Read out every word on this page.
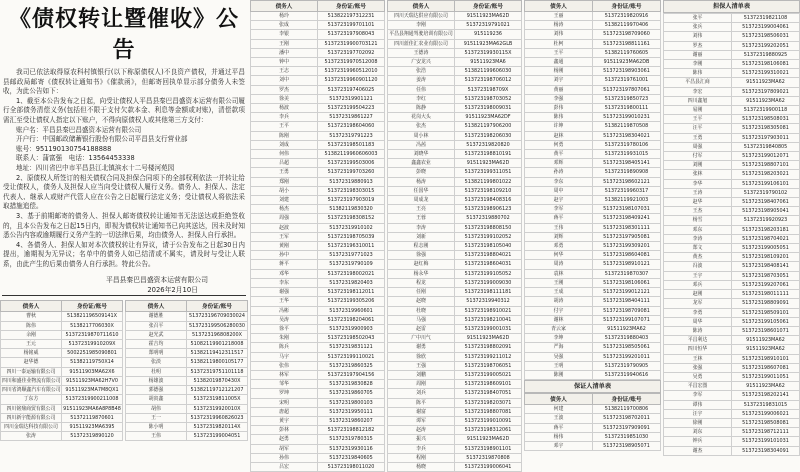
《债权转让暨催收》公告

我司已依法取得原农科村镇银行(以下称原债权人)不良资产债权，并通过平昌县邮政局邮寄《债权转让通知书》《催款函》，但邮寄回执单显示部分债务人未签收，为此公告如下：

1、截至本公告发布之日起，向受让债权人平昌县秦巴昌盛资本运营有限公司履行全部债务清偿义务(包括但不限于支付欠款本金、利息等金额或对账)，清偿款项需汇至受让债权人指定以下账户，不得向原债权人或其他第三方支付：

账户名：平昌县秦巴昌盛资本运营有限公司

开户行：中国邮政储蓄银行股份有限公司平昌县支行营业部

账号：951190130754188888

联系人：蒲富强　电话：13564453338

地址：四川省巴中市平昌县江北镇滨水十二号楼河苑园

2、原债权人所签订的相关债权合同及担保合同项下的全部权利依法一并转让给受让债权人，债务人及担保人应当向受让债权人履行义务。债务人、担保人、法定代表人、继承人或财产代管人应在公告之日起履行法定义务；受让债权人将依法采取措施追偿。

3、基于前期邮寄的债务人、担保人邮寄债权转让通知书无法送达或拒绝签收的，且本公告发布之日起15日内，即视为债权转让通知书已向其送达，因未及时知悉公告内容或逾期履行义务产生的一切法律后果，均由债务人、担保人自行承担。

4、各债务人、担保人如对本次债权转让有异议，请于公告发布之日起30日内提出，逾期视为无异议；名单中的债务人如已结清或不属实，请及时与受让人联系，由此产生的后果由债务人自行承担。特此公告。

平昌县秦巴昌盛资本运营有限公司
2026年2月10日
债务人	身份证/账号
曹秋	513821196509141X
陈伟	5138217706030X
余刚	51372319870711610
王元	51372319910209X
杨铭威	5002251985090801
赵华德	51382119750X14
四川一泰运输有限公司	91511903MA62X6
四川和盛佳业物流有限公司	91511923MA62H7V0
四川省鸿顺鑫汽车有限公司	91511923MA7M8QX1
丁东方	51372319900211008
四川铭鼎商贸有限公司	91511923MA6A8P8B48
四川新宇能源有限公司	51372119870601
四川金瑞达科技有限公司	91511923MA6395
张涛	51372319890120
债务人	身份证/账号
谢德胜	513723196709030024
张召平	513723199506280030
赵光武	513723196808200X
霍吉均	51082119901218008
郑明明	51382119412311517
张淡	51382119800105177
杜明	51372319751101118
杨雄波	51382019870430X
郭德强	51382119712121207
胡寅鑫	51372319811005X
胡伟	51372319920010X
王一	51372319960826023
陈小明	51372319820114X
王伟	513723199004051
债务人	身份证/账号
杨玲	513822197312231
张成	513723199701101
李银	513723197908043
王刚	51372319900703121
潘中	513723197702092
钟中	51372319970512008
王志	51372319960512010
刘中	51372319960901120
罗杰	513723197406025
徐美	51372319901121
杨波	513723199504223
李兵	51372319861227
王平	513723198604060
陈刚	51372319791223
刘成	513723198501183
何伟	51382119960606003
吕超	513723199503006
王勇	513723199703260
郑刚	51372319880913
胡小	513723198303015
刘建	513723197903019
杨杰	51382119830320
周强	513723198308152
赵波	51372319910102
王军	513723198705039
黄刚	513723196310011
孙中	51372319771023
蒋平	51372319790109
邓华	513723198002021
李东	51372319820403
谢强	513723198112011
王华	513723199305206
冯彬	51372319960601
吴涛	513723198204061
徐平	51372319900903
朱刚	513723198502043
陈兵	51372319831121
马宇	513723199110021
张伟	51372319860325
林军	513723197904156
邹华	51372319830828
罗坤	51372319860705
宋明	51372319800103
唐超	51372319950111
黄宇	51372319860207
彭林	513723198812182
赵勇	51372319780315
胡军	51372319930116
孙伟	51372319840605
吕宏	513723198011020
债务人	身份证/账号
四川天瑞达供应有限公司	91511923MA62D
李刚	51372319791021
平昌县翔通驾驶培训有限公司	915119236
四川蓝佳汇农业有限公司	91511923MA62GLB
王德涛	51372319930115X
广安龙兴	91511923MA6
张浩	513821199606030
姜涛	513723198706012
任伟	513723198709X
李红	513723198703052
陈静	513723198009031
花岗大头	91511923MA62DF
张杰	513821197906200
周小林	513723198206030
冯茜	51372319820820
刘晓华	513723198810191
鑫鑫农业	91511923MA62D
彭晓	513723199311051
杨涛	513821199801022
任国华	513723198109210
周成龙	513723198408316
王亮	513723198906123
王蓉	51372319880702
李涛	513723198808150
刘新	513723199102052
程志刚	513723198105040
徐强	513723198804021
赵红梅	513723198604031
杨永华	513723199105052
程龙	513723199009030
任刚	513723198111181
赵晓	51372319940312
杜晓	513723198910021
马强	513723198210041
赵雷	513723199001031
广中川气	91511923MA62D
谢勇	513723198802091
徐欣	513723199211012
王强	513723198706051
刘鹏	513723199005021
周刚	513723198609101
刘兵	513723198407051
陈平	513723198203071
谢富	513723198807081
谭军	513723199010091
赵涛	513723198312061
振兴	91511923MA62D
李兵	513723198901101
程刚	51372319870808
杨晓	513723199006041
债务人	身份证/账号
王丽	51372319820916
杨涛	51382119970406
刘伟	513723198709060
杜柯	513723198811161
王平	51382119760605
鑫通	91511923MA62DB
杨刚	513723198903061
刘宇	51372319761001
黄丽	513723197807061
李强	51372319850723
彭伟	51372319800111
陈伟	513723199010231
许坤	51382119870508
赵林	513723198304021
何勇	51372319780106
黄平	51372319931015
邓辉	513723198405141
孙涛	51372319890908
李东	513723198602121
周中	51372319960317
赵宇	51382119921003
李军	513723198107031
蒋平	513723198409241
王伟	513723198301111
刘辉	513723197905081
邓勇	513723199309201
何华	513723198604081
周涛	513723198910121
袁林	51372319870307
王刚	513723198106061
王成	513723199012121
胡涛	513723198404111
付宇	513723198709081
谢林	513723199107071
青云家	91511923MA62
李坤	51372319880403
严海	513723198505061
吴强	513723199201011
王明	51372319790905
陈刚	51372319940616
保证人清单表
债务人	身份证/账号
何建	51382119700806
王波	513723198702011
蒋平	513723197909091
杨伟	51372319851030
邓宇	513723198905071
担保人清单表
张平	51372319821108
张兵	513723199004061
刘伟	513723198506031
罗杰	513723199202051
谢丽	51372319880925
李刚	513723198106081
陈伟	513723199310021
平昌县汇商	91511923MA62
李宏	513723197809021
四川鑫旭	91511923MA62
易刚	51372319900118
王平	513723198508031
汪平	513723198305081
王勇	513723197903011
周强	51372319840805
付军	513723199012071
刘刚	513723198807101
张林	513723198203021
李华	513723199106101
王涛	51372319790102
赵华	513723198407061
王杰	513723198905041
杨雪	51372319920923
邓东	513723198203181
李涛	513723198704021
郑文	513723199005051
黄杰	513723198109201
冯波	513723198408141
王宇	513723198703051
邓兵	513723199207061
赵刚	513723198011111
龙军	513723198809091
李勇	513723198509101
周华	513723199105061
陈涛	513723198601071
平昌利达	91511923MA62
四川恒华	91511923MA62
王林	513723198910101
张强	513723198607081
吴勇	513723199011051
平昌宏图	91511923MA62
李军	513723198202141
谭伟	51372319831015
汪宇	513723199006021
徐刚	513723198508081
刘东	513723198712111
钟兵	513723199101031
谢杰	513723198304091
